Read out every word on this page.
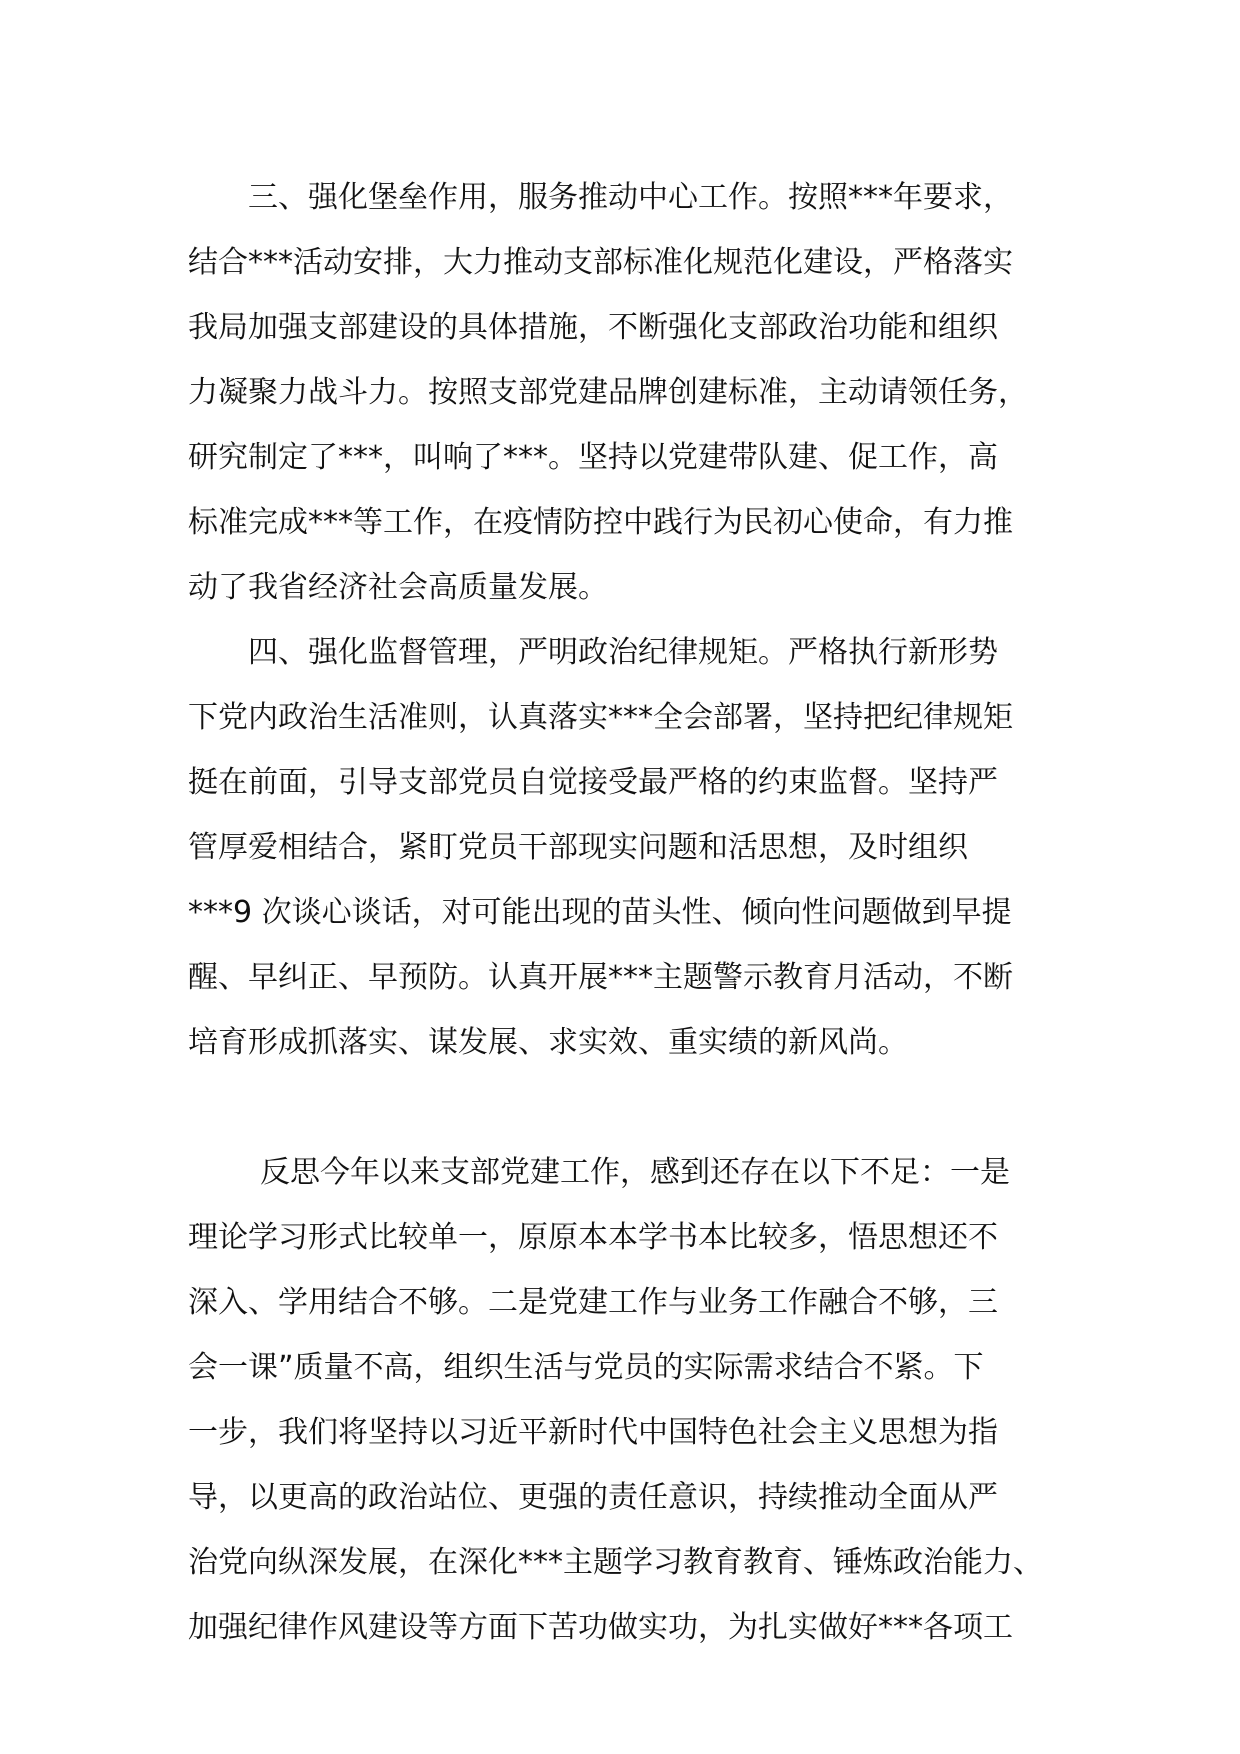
三、强化堡垒作用，服务推动中心工作。按照***年要求，

结合***活动安排，大力推动支部标准化规范化建设，严格落实

我局加强支部建设的具体措施，不断强化支部政治功能和组织

力凝聚力战斗力。按照支部党建品牌创建标准，主动请领任务，

研究制定了***，叫响了***。坚持以党建带队建、促工作，高

标准完成***等工作，在疫情防控中践行为民初心使命，有力推

动了我省经济社会高质量发展。

四、强化监督管理，严明政治纪律规矩。严格执行新形势

下党内政治生活准则，认真落实***全会部署，坚持把纪律规矩

挺在前面，引导支部党员自觉接受最严格的约束监督。坚持严

管厚爱相结合，紧盯党员干部现实问题和活思想，及时组织

***9 次谈心谈话，对可能出现的苗头性、倾向性问题做到早提

醒、早纠正、早预防。认真开展***主题警示教育月活动，不断

培育形成抓落实、谋发展、求实效、重实绩的新风尚。

反思今年以来支部党建工作，感到还存在以下不足：一是

理论学习形式比较单一，原原本本学书本比较多，悟思想还不

深入、学用结合不够。二是党建工作与业务工作融合不够，三

会一课”质量不高，组织生活与党员的实际需求结合不紧。下

一步，我们将坚持以习近平新时代中国特色社会主义思想为指

导，以更高的政治站位、更强的责任意识，持续推动全面从严

治党向纵深发展，在深化***主题学习教育教育、锤炼政治能力、

加强纪律作风建设等方面下苦功做实功，为扎实做好***各项工
